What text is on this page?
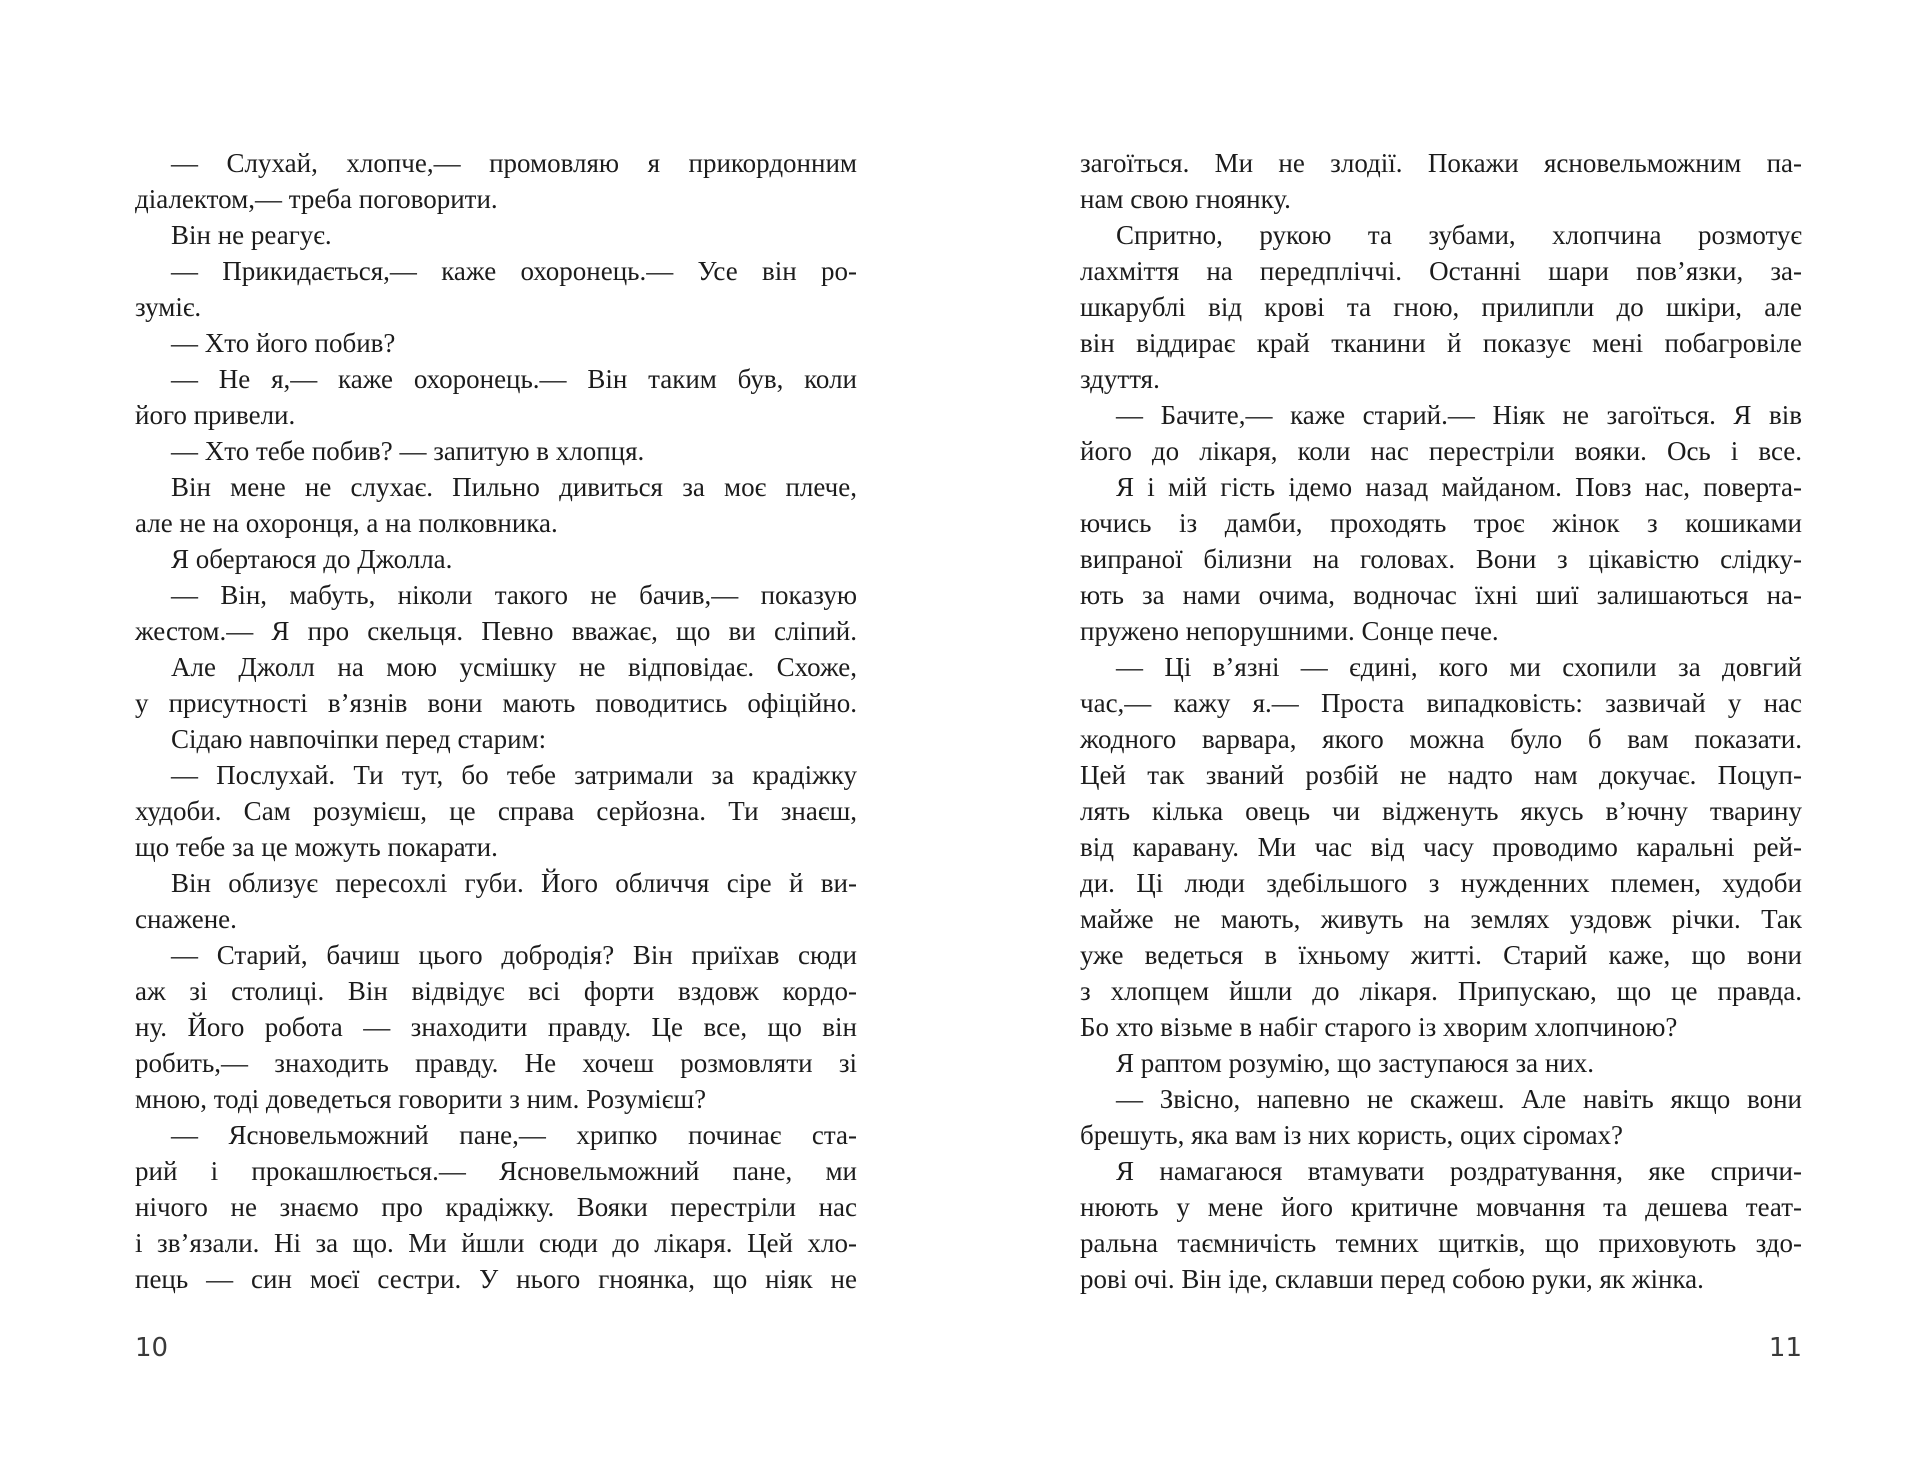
— Слухай, хлопче,— промовляю я прикордонним
діалектом,— треба поговорити.
Він не реагує.
— Прикидається,— каже охоронець.— Усе він ро-
зуміє.
— Хто його побив?
— Не я,— каже охоронець.— Він таким був, коли
його привели.
— Хто тебе побив? — запитую в хлопця.
Він мене не слухає. Пильно дивиться за моє плече,
але не на охоронця, а на полковника.
Я обертаюся до Джолла.
— Він, мабуть, ніколи такого не бачив,— показую
жестом.— Я про скельця. Певно вважає, що ви сліпий.
Але Джолл на мою усмішку не відповідає. Схоже,
у присутності в’язнів вони мають поводитись офіційно.
Сідаю навпочіпки перед старим:
— Послухай. Ти тут, бо тебе затримали за крадіжку
худоби. Сам розумієш, це справа серйозна. Ти знаєш,
що тебе за це можуть покарати.
Він облизує пересохлі губи. Його обличчя сіре й ви-
снажене.
— Старий, бачиш цього добродія? Він приїхав сюди
аж зі столиці. Він відвідує всі форти вздовж кордо-
ну. Його робота — знаходити правду. Це все, що він
робить,— знаходить правду. Не хочеш розмовляти зі
мною, тоді доведеться говорити з ним. Розумієш?
— Ясновельможний пане,— хрипко починає ста-
рий і прокашлюється.— Ясновельможний пане, ми
нічого не знаємо про крадіжку. Вояки перестріли нас
і зв’язали. Ні за що. Ми йшли сюди до лікаря. Цей хло-
пець — син моєї сестри. У нього гноянка, що ніяк не
10
загоїться. Ми не злодії. Покажи ясновельможним па-
нам свою гноянку.
Спритно, рукою та зубами, хлопчина розмотує
лахміття на передпліччі. Останні шари пов’язки, за-
шкарублі від крові та гною, прилипли до шкіри, але
він віддирає край тканини й показує мені побагровіле
здуття.
— Бачите,— каже старий.— Ніяк не загоїться. Я вів
його до лікаря, коли нас перестріли вояки. Ось і все.
Я і мій гість ідемо назад майданом. Повз нас, поверта-
ючись із дамби, проходять троє жінок з кошиками
випраної білизни на головах. Вони з цікавістю слідку-
ють за нами очима, водночас їхні шиї залишаються на-
пружено непорушними. Сонце пече.
— Ці в’язні — єдині, кого ми схопили за довгий
час,— кажу я.— Проста випадковість: зазвичай у нас
жодного варвара, якого можна було б вам показати.
Цей так званий розбій не надто нам докучає. Поцуп-
лять кілька овець чи відженуть якусь в’ючну тварину
від каравану. Ми час від часу проводимо каральні рей-
ди. Ці люди здебільшого з нужденних племен, худоби
майже не мають, живуть на землях уздовж річки. Так
уже ведеться в їхньому житті. Старий каже, що вони
з хлопцем йшли до лікаря. Припускаю, що це правда.
Бо хто візьме в набіг старого із хворим хлопчиною?
Я раптом розумію, що заступаюся за них.
— Звісно, напевно не скажеш. Але навіть якщо вони
брешуть, яка вам із них користь, оцих сіромах?
Я намагаюся втамувати роздратування, яке спричи-
нюють у мене його критичне мовчання та дешева теат-
ральна таємничість темних щитків, що приховують здо-
рові очі. Він іде, склавши перед собою руки, як жінка.
11
